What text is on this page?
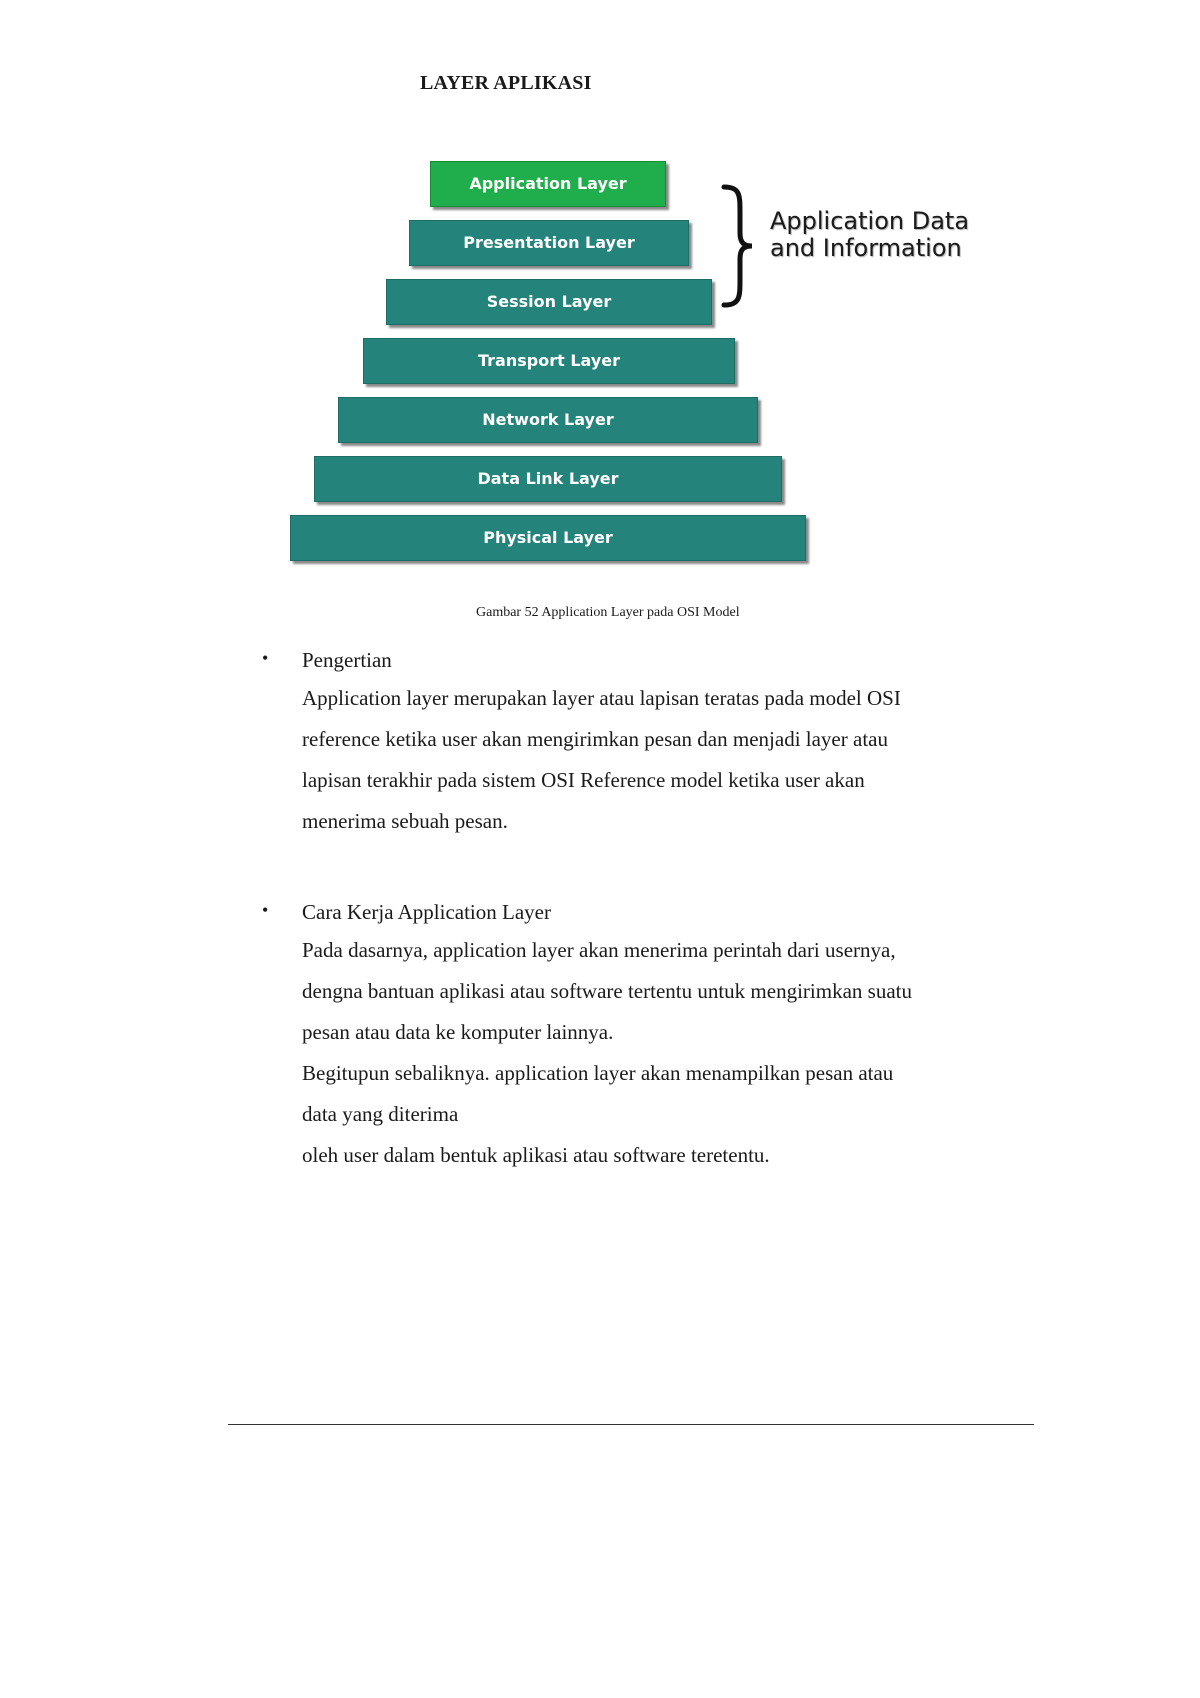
LAYER APLIKASI
Application Layer
Presentation Layer
Session Layer
Transport Layer
Network Layer
Data Link Layer
Physical Layer
Application Data
and Information
Gambar 52 Application Layer pada OSI Model
• Pengertian
Application layer merupakan layer atau lapisan teratas pada model OSI
reference ketika user akan mengirimkan pesan dan menjadi layer atau
lapisan terakhir pada sistem OSI Reference model ketika user akan
menerima sebuah pesan.
• Cara Kerja Application Layer
Pada dasarnya, application layer akan menerima perintah dari usernya,
dengna bantuan aplikasi atau software tertentu untuk mengirimkan suatu
pesan atau data ke komputer lainnya.
Begitupun sebaliknya. application layer akan menampilkan pesan atau
data yang diterima
oleh user dalam bentuk aplikasi atau software teretentu.
